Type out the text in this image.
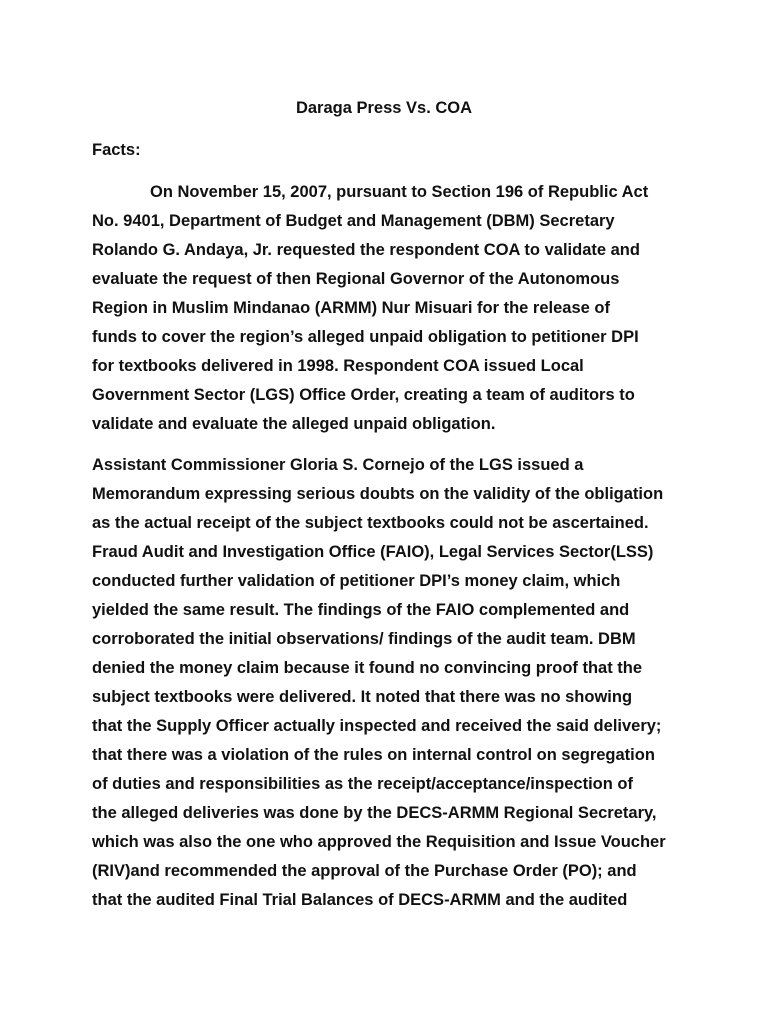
Daraga Press Vs. COA
Facts:

On November 15, 2007, pursuant to Section 196 of Republic Act
No. 9401, Department of Budget and Management (DBM) Secretary
Rolando G. Andaya, Jr. requested the respondent COA to validate and
evaluate the request of then Regional Governor of the Autonomous
Region in Muslim Mindanao (ARMM) Nur Misuari for the release of
funds to cover the region’s alleged unpaid obligation to petitioner DPI
for textbooks delivered in 1998. Respondent COA issued Local
Government Sector (LGS) Office Order, creating a team of auditors to
validate and evaluate the alleged unpaid obligation.

Assistant Commissioner Gloria S. Cornejo of the LGS issued a
Memorandum expressing serious doubts on the validity of the obligation
as the actual receipt of the subject textbooks could not be ascertained.
Fraud Audit and Investigation Office (FAIO), Legal Services Sector(LSS)
conducted further validation of petitioner DPI’s money claim, which
yielded the same result. The findings of the FAIO complemented and
corroborated the initial observations/ findings of the audit team. DBM
denied the money claim because it found no convincing proof that the
subject textbooks were delivered. It noted that there was no showing
that the Supply Officer actually inspected and received the said delivery;
that there was a violation of the rules on internal control on segregation
of duties and responsibilities as the receipt/acceptance/inspection of
the alleged deliveries was done by the DECS-ARMM Regional Secretary,
which was also the one who approved the Requisition and Issue Voucher
(RIV)and recommended the approval of the Purchase Order (PO); and
that the audited Final Trial Balances of DECS-ARMM and the audited
